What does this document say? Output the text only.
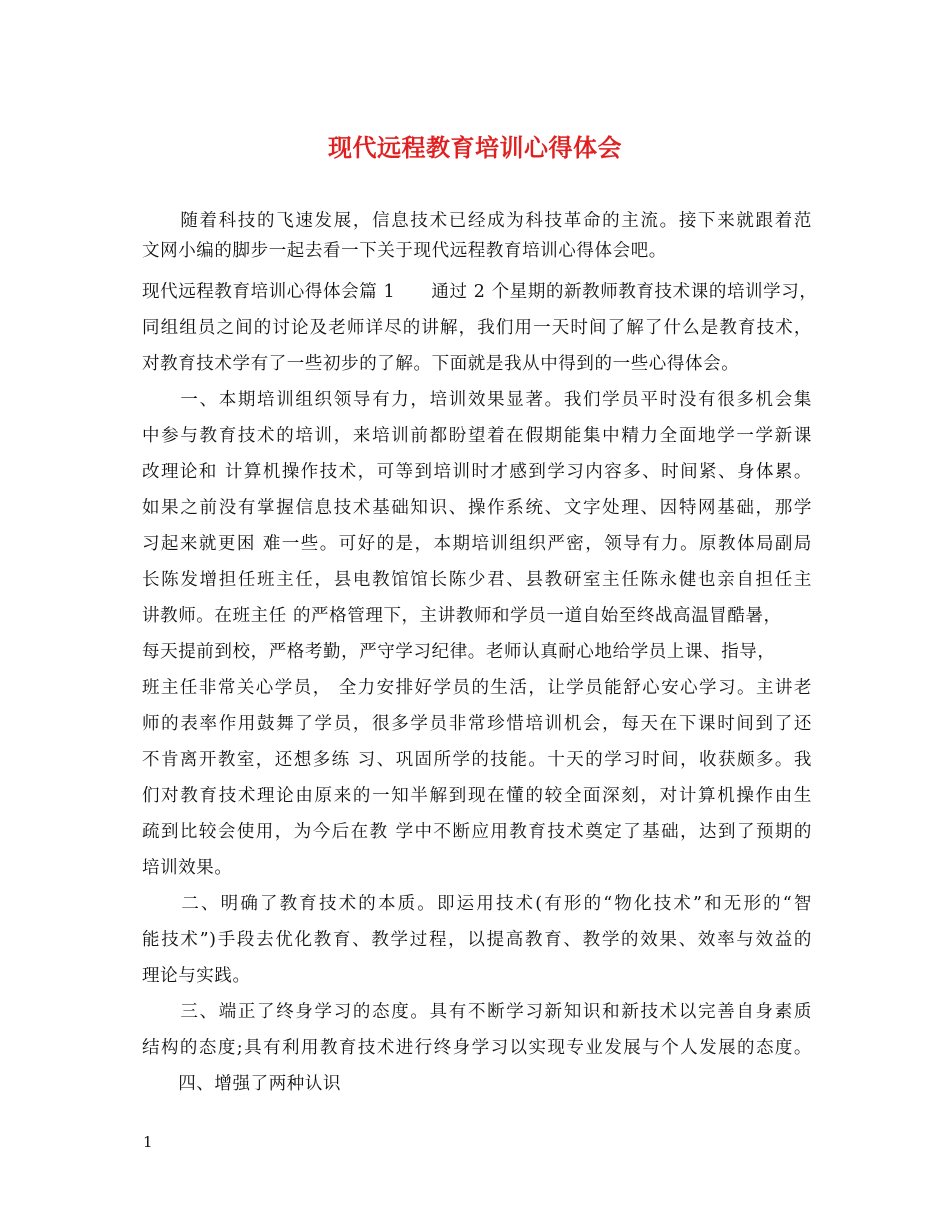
现代远程教育培训心得体会
　　随着科技的飞速发展，信息技术已经成为科技革命的主流。接下来就跟着范
文网小编的脚步一起去看一下关于现代远程教育培训心得体会吧。
现代远程教育培训心得体会篇 1　　通过 2 个星期的新教师教育技术课的培训学习，
同组组员之间的讨论及老师详尽的讲解，我们用一天时间了解了什么是教育技术，
对教育技术学有了一些初步的了解。下面就是我从中得到的一些心得体会。
　　一、本期培训组织领导有力，培训效果显著。我们学员平时没有很多机会集
中参与教育技术的培训，来培训前都盼望着在假期能集中精力全面地学一学新课
改理论和 计算机操作技术，可等到培训时才感到学习内容多、时间紧、身体累。
如果之前没有掌握信息技术基础知识、操作系统、文字处理、因特网基础，那学
习起来就更困 难一些。可好的是，本期培训组织严密，领导有力。原教体局副局
长陈发增担任班主任，县电教馆馆长陈少君、县教研室主任陈永健也亲自担任主
讲教师。在班主任 的严格管理下，主讲教师和学员一道自始至终战高温冒酷暑，
每天提前到校，严格考勤，严守学习纪律。老师认真耐心地给学员上课、指导，
班主任非常关心学员， 全力安排好学员的生活，让学员能舒心安心学习。主讲老
师的表率作用鼓舞了学员，很多学员非常珍惜培训机会，每天在下课时间到了还
不肯离开教室，还想多练 习、巩固所学的技能。十天的学习时间，收获颇多。我
们对教育技术理论由原来的一知半解到现在懂的较全面深刻，对计算机操作由生
疏到比较会使用，为今后在教 学中不断应用教育技术奠定了基础，达到了预期的
培训效果。
　　二、明确了教育技术的本质。即运用技术(有形的“物化技术”和无形的“智
能技术”)手段去优化教育、教学过程，以提高教育、教学的效果、效率与效益的
理论与实践。
　　三、端正了终身学习的态度。具有不断学习新知识和新技术以完善自身素质
结构的态度;具有利用教育技术进行终身学习以实现专业发展与个人发展的态度。
　　四、增强了两种认识
1
